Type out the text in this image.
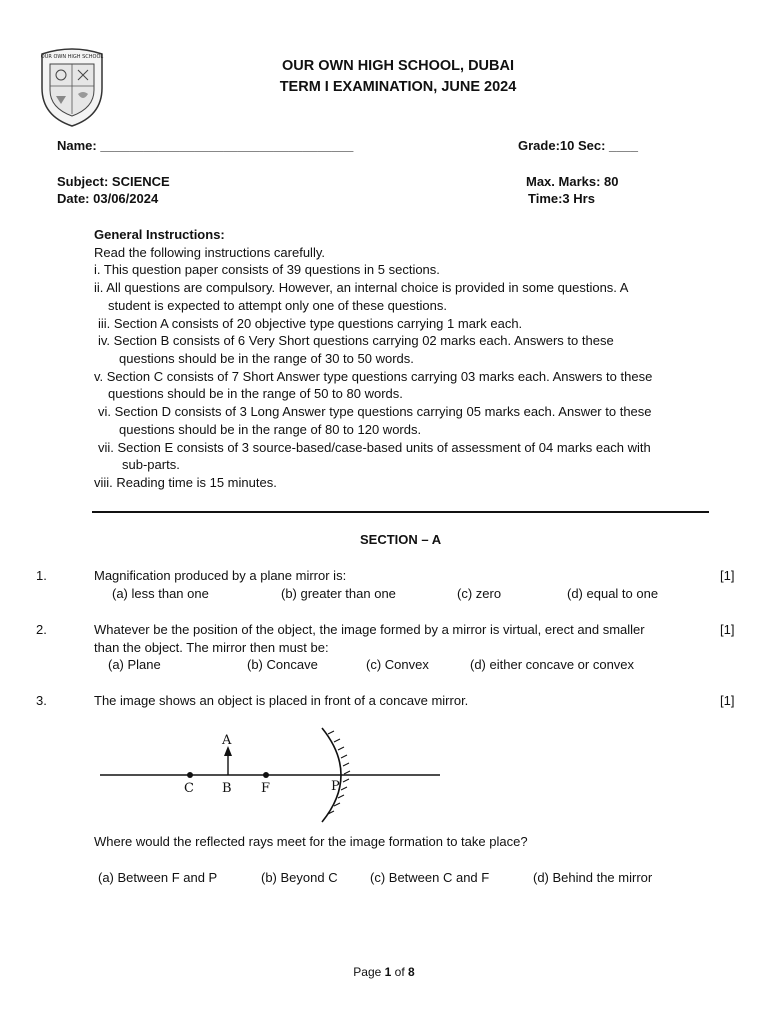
OUR OWN HIGH SCHOOL
OUR OWN HIGH SCHOOL, DUBAI
TERM I EXAMINATION, JUNE 2024
Name: ___________________________________	Grade:10 Sec: ____
Subject: SCIENCE	Max. Marks: 80
Date: 03/06/2024	Time:3 Hrs
General Instructions:
Read the following instructions carefully.
i. This question paper consists of 39 questions in 5 sections.
ii. All questions are compulsory. However, an internal choice is provided in some questions. A
student is expected to attempt only one of these questions.
iii. Section A consists of 20 objective type questions carrying 1 mark each.
iv. Section B consists of 6 Very Short questions carrying 02 marks each. Answers to these
questions should be in the range of 30 to 50 words.
v. Section C consists of 7 Short Answer type questions carrying 03 marks each. Answers to these
questions should be in the range of 50 to 80 words.
vi. Section D consists of 3 Long Answer type questions carrying 05 marks each. Answer to these
questions should be in the range of 80 to 120 words.
vii. Section E consists of 3 source-based/case-based units of assessment of 04 marks each with
sub-parts.
viii. Reading time is 15 minutes.
SECTION – A
1.	Magnification produced by a plane mirror is:	[1]
(a) less than one	(b) greater than one	(c) zero	(d) equal to one
2.	Whatever be the position of the object, the image formed by a mirror is virtual, erect and smaller
than the object. The mirror then must be:
[1]
(a) Plane	(b) Concave	(c) Convex	(d) either concave or convex
3.	The image shows an object is placed in front of a concave mirror.	[1]
A
C B F	P
Where would the reflected rays meet for the image formation to take place?
(a) Between F and P	(b) Beyond C (c) Between C and F	(d) Behind the mirror
Page 1 of 8
